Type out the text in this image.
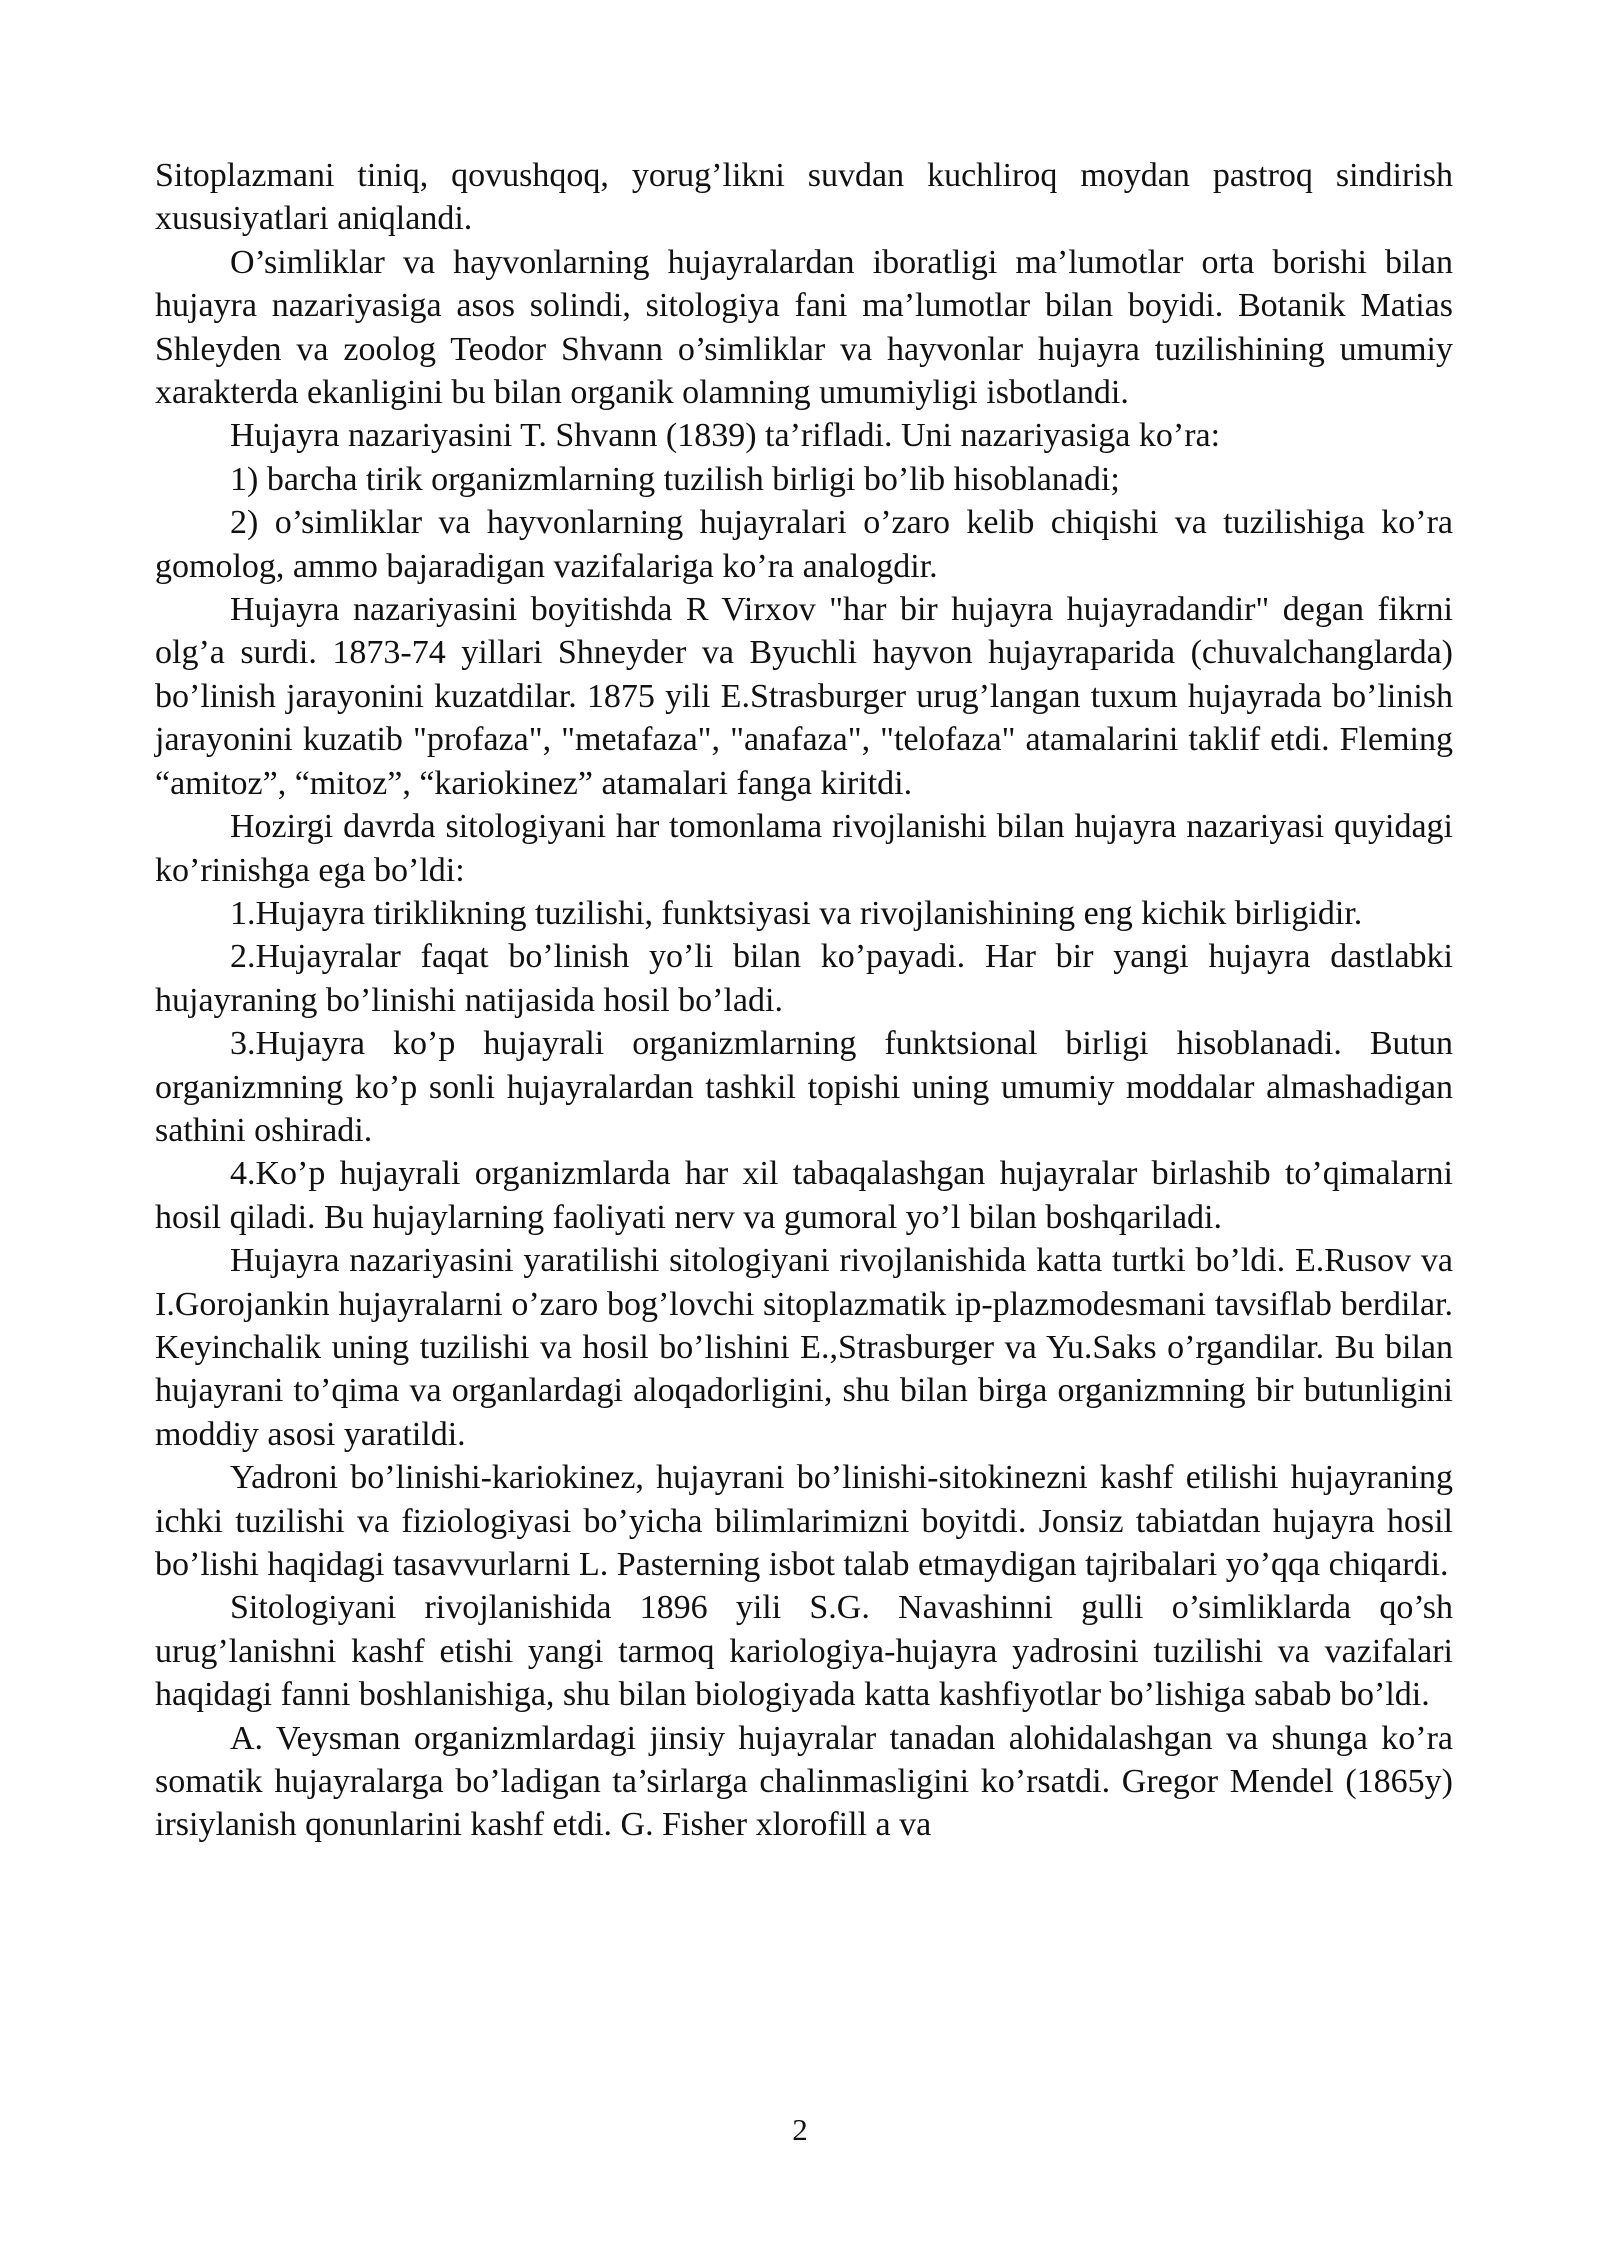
Sitoplazmani tiniq, qovushqoq, yorug’likni suvdan kuchliroq moydan pastroq sindirish xususiyatlari aniqlandi.

O’simliklar va hayvonlarning hujayralardan iboratligi ma’lumotlar orta borishi bilan hujayra nazariyasiga asos solindi, sitologiya fani ma’lumotlar bilan boyidi. Botanik Matias Shleyden va zoolog Teodor Shvann o’simliklar va hayvonlar hujayra tuzilishining umumiy xarakterda ekanligini bu bilan organik olamning umumiyligi isbotlandi.

Hujayra nazariyasini T. Shvann (1839) ta’rifladi. Uni nazariyasiga ko’ra:

1) barcha tirik organizmlarning tuzilish birligi bo’lib hisoblanadi;

2) o’simliklar va hayvonlarning hujayralari o’zaro kelib chiqishi va tuzilishiga ko’ra gomolog, ammo bajaradigan vazifalariga ko’ra analogdir.

Hujayra nazariyasini boyitishda R Virxov "har bir hujayra hujayradandir" degan fikrni olg’a surdi. 1873-74 yillari Shneyder va Byuchli hayvon hujayraparida (chuvalchanglarda) bo’linish jarayonini kuzatdilar. 1875 yili E.Strasburger urug’langan tuxum hujayrada bo’linish jarayonini kuzatib "profaza", "metafaza", "anafaza", "telofaza" atamalarini taklif etdi. Fleming “amitoz”, “mitoz”, “kariokinez” atamalari fanga kiritdi.

Hozirgi davrda sitologiyani har tomonlama rivojlanishi bilan hujayra nazariyasi quyidagi ko’rinishga ega bo’ldi:

1.Hujayra tiriklikning tuzilishi, funktsiyasi va rivojlanishining eng kichik birligidir.

2.Hujayralar faqat bo’linish yo’li bilan ko’payadi. Har bir yangi hujayra dastlabki hujayraning bo’linishi natijasida hosil bo’ladi.

3.Hujayra ko’p hujayrali organizmlarning funktsional birligi hisoblanadi. Butun organizmning ko’p sonli hujayralardan tashkil topishi uning umumiy moddalar almashadigan sathini oshiradi.

4.Ko’p hujayrali organizmlarda har xil tabaqalashgan hujayralar birlashib to’qimalarni hosil qiladi. Bu hujaylarning faoliyati nerv va gumoral yo’l bilan boshqariladi.

Hujayra nazariyasini yaratilishi sitologiyani rivojlanishida katta turtki bo’ldi. E.Rusov va I.Gorojankin hujayralarni o’zaro bog’lovchi sitoplazmatik ip-plazmodesmani tavsiflab berdilar. Keyinchalik uning tuzilishi va hosil bo’lishini E.,Strasburger va Yu.Saks o’rgandilar. Bu bilan hujayrani to’qima va organlardagi aloqadorligini, shu bilan birga organizmning bir butunligini moddiy asosi yaratildi.

Yadroni bo’linishi-kariokinez, hujayrani bo’linishi-sitokinezni kashf etilishi hujayraning ichki tuzilishi va fiziologiyasi bo’yicha bilimlarimizni boyitdi. Jonsiz tabiatdan hujayra hosil bo’lishi haqidagi tasavvurlarni L. Pasterning isbot talab etmaydigan tajribalari yo’qqa chiqardi.

Sitologiyani rivojlanishida 1896 yili S.G. Navashinni gulli o’simliklarda qo’sh urug’lanishni kashf etishi yangi tarmoq kariologiya-hujayra yadrosini tuzilishi va vazifalari haqidagi fanni boshlanishiga, shu bilan biologiyada katta kashfiyotlar bo’lishiga sabab bo’ldi.

A. Veysman organizmlardagi jinsiy hujayralar tanadan alohidalashgan va shunga ko’ra somatik hujayralarga bo’ladigan ta’sirlarga chalinmasligini ko’rsatdi. Gregor Mendel (1865y) irsiylanish qonunlarini kashf etdi. G. Fisher xlorofill a va

2
